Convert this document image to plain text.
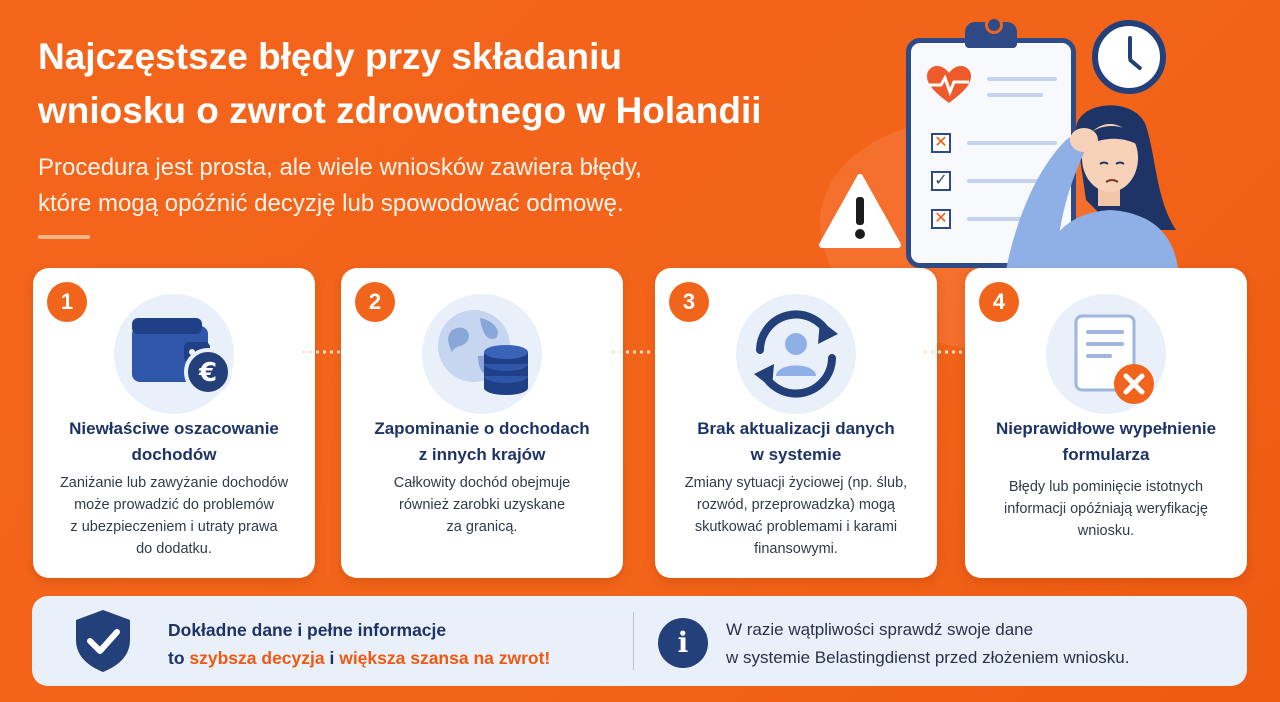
Najczęstsze błędy przy składaniu
wniosku o zwrot zdrowotnego w Holandii

Procedura jest prosta, ale wiele wniosków zawiera błędy,
które mogą opóźnić decyzję lub spowodować odmowę.

✕
✓
✕
1
€
Niewłaściwe oszacowanie
dochodów
Zaniżanie lub zawyżanie dochodów
może prowadzić do problemów
z ubezpieczeniem i utraty prawa
do dodatku.
2
Zapominanie o dochodach
z innych krajów
Całkowity dochód obejmuje
również zarobki uzyskane
za granicą.
3
Brak aktualizacji danych
w systemie
Zmiany sytuacji życiowej (np. ślub,
rozwód, przeprowadzka) mogą
skutkować problemami i karami
finansowymi.
4
Nieprawidłowe wypełnienie
formularza
Błędy lub pominięcie istotnych
informacji opóźniają weryfikację
wniosku.
Dokładne dane i pełne informacje
to szybsza decyzja i większa szansa na zwrot!	i	W razie wątpliwości sprawdź swoje dane
w systemie Belastingdienst przed złożeniem wniosku.
